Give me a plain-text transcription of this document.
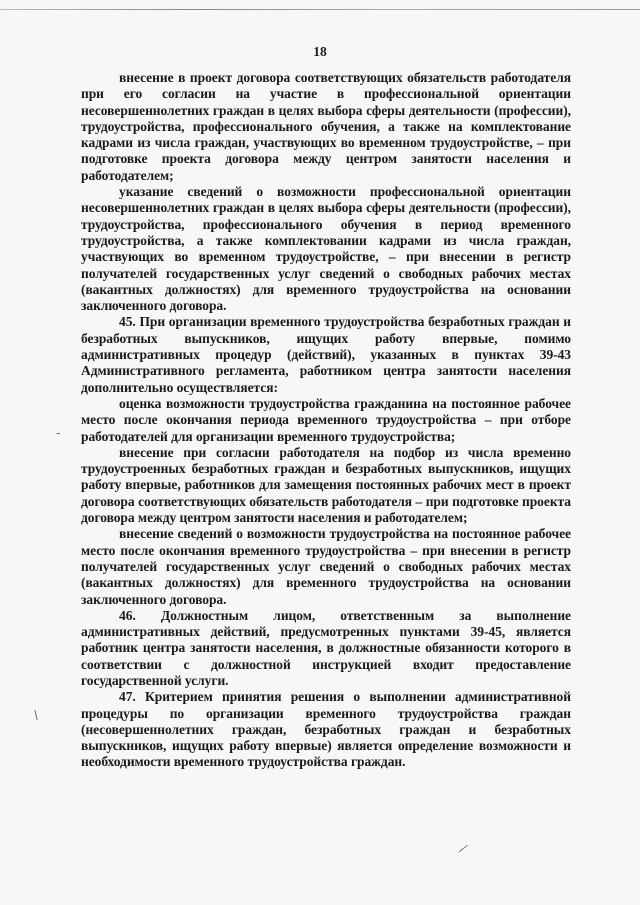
18

внесение в проект договора соответствующих обязательств работодателя при его согласии на участие в профессиональной ориентации несовершеннолетних граждан в целях выбора сферы деятельности (профессии), трудоустройства, профессионального обучения, а также на комплектование кадрами из числа граждан, участвующих во временном трудоустройстве, – при подготовке проекта договора между центром занятости населения и работодателем;

указание сведений о возможности профессиональной ориентации несовершеннолетних граждан в целях выбора сферы деятельности (профессии), трудоустройства, профессионального обучения в период временного трудоустройства, а также комплектовании кадрами из числа граждан, участвующих во временном трудоустройстве, – при внесении в регистр получателей государственных услуг сведений о свободных рабочих местах (вакантных должностях) для временного трудоустройства на основании заключенного договора.

45. При организации временного трудоустройства безработных граждан и безработных выпускников, ищущих работу впервые, помимо административных процедур (действий), указанных в пунктах 39-43 Административного регламента, работником центра занятости населения дополнительно осуществляется:

оценка возможности трудоустройства гражданина на постоянное рабочее место после окончания периода временного трудоустройства – при отборе работодателей для организации временного трудоустройства;

внесение при согласии работодателя на подбор из числа временно трудоустроенных безработных граждан и безработных выпускников, ищущих работу впервые, работников для замещения постоянных рабочих мест в проект договора соответствующих обязательств работодателя – при подготовке проекта договора между центром занятости населения и работодателем;

внесение сведений о возможности трудоустройства на постоянное рабочее место после окончания временного трудоустройства – при внесении в регистр получателей государственных услуг сведений о свободных рабочих местах (вакантных должностях) для временного трудоустройства на основании заключенного договора.

46. Должностным лицом, ответственным за выполнение административных действий, предусмотренных пунктами 39-45, является работник центра занятости населения, в должностные обязанности которого в соответствии с должностной инструкцией входит предоставление государственной услуги.

47. Критерием принятия решения о выполнении административной процедуры по организации временного трудоустройства граждан (несовершеннолетних граждан, безработных граждан и безработных выпускников, ищущих работу впервые) является определение возможности и необходимости временного трудоустройства граждан.

-
/
⁄
